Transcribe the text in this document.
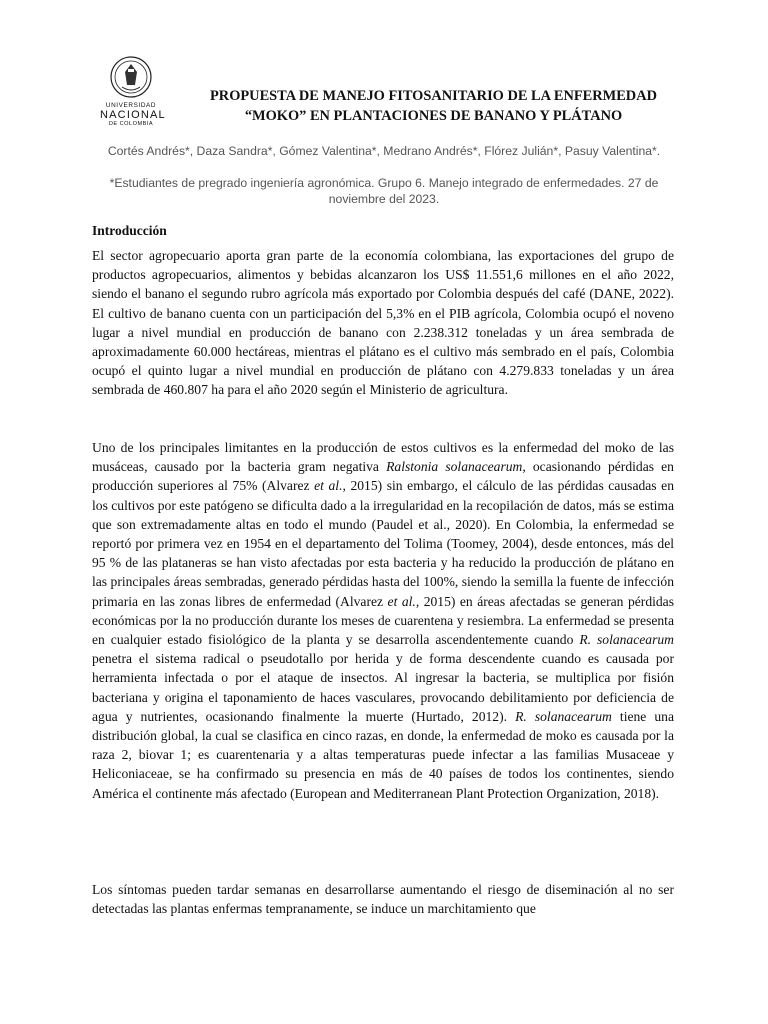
UNIVERSIDAD
NACIONAL
DE COLOMBIA
PROPUESTA DE MANEJO FITOSANITARIO DE LA ENFERMEDAD
“MOKO” EN PLANTACIONES DE BANANO Y PLÁTANO
Cortés Andrés*, Daza Sandra*, Gómez Valentina*, Medrano Andrés*, Flórez Julián*, Pasuy Valentina*.
*Estudiantes de pregrado ingeniería agronómica. Grupo 6. Manejo integrado de enfermedades. 27 de noviembre del 2023.
Introducción

El sector agropecuario aporta gran parte de la economía colombiana, las exportaciones del grupo de productos agropecuarios, alimentos y bebidas alcanzaron los US$ 11.551,6 millones en el año 2022, siendo el banano el segundo rubro agrícola más exportado por Colombia después del café (DANE, 2022). El cultivo de banano cuenta con un participación del 5,3% en el PIB agrícola, Colombia ocupó el noveno lugar a nivel mundial en producción de banano con 2.238.312 toneladas y un área sembrada de aproximadamente 60.000 hectáreas, mientras el plátano es el cultivo más sembrado en el país, Colombia ocupó el quinto lugar a nivel mundial en producción de plátano con 4.279.833 toneladas y un área sembrada de 460.807 ha para el año 2020 según el Ministerio de agricultura.

Uno de los principales limitantes en la producción de estos cultivos es la enfermedad del moko de las musáceas, causado por la bacteria gram negativa Ralstonia solanacearum, ocasionando pérdidas en producción superiores al 75% (Alvarez et al., 2015) sin embargo, el cálculo de las pérdidas causadas en los cultivos por este patógeno se dificulta dado a la irregularidad en la recopilación de datos, más se estima que son extremadamente altas en todo el mundo (Paudel et al., 2020). En Colombia, la enfermedad se reportó por primera vez en 1954 en el departamento del Tolima (Toomey, 2004), desde entonces, más del 95 % de las plataneras se han visto afectadas por esta bacteria y ha reducido la producción de plátano en las principales áreas sembradas, generado pérdidas hasta del 100%, siendo la semilla la fuente de infección primaria en las zonas libres de enfermedad (Alvarez et al., 2015) en áreas afectadas se generan pérdidas económicas por la no producción durante los meses de cuarentena y resiembra. La enfermedad se presenta en cualquier estado fisiológico de la planta y se desarrolla ascendentemente cuando R. solanacearum penetra el sistema radical o pseudotallo por herida y de forma descendente cuando es causada por herramienta infectada o por el ataque de insectos. Al ingresar la bacteria, se multiplica por fisión bacteriana y origina el taponamiento de haces vasculares, provocando debilitamiento por deficiencia de agua y nutrientes, ocasionando finalmente la muerte (Hurtado, 2012). R. solanacearum tiene una distribución global, la cual se clasifica en cinco razas, en donde, la enfermedad de moko es causada por la raza 2, biovar 1; es cuarentenaria y a altas temperaturas puede infectar a las familias Musaceae y Heliconiaceae, se ha confirmado su presencia en más de 40 países de todos los continentes, siendo América el continente más afectado (European and Mediterranean Plant Protection Organization, 2018).

Los síntomas pueden tardar semanas en desarrollarse aumentando el riesgo de diseminación al no ser detectadas las plantas enfermas tempranamente, se induce un marchitamiento que
